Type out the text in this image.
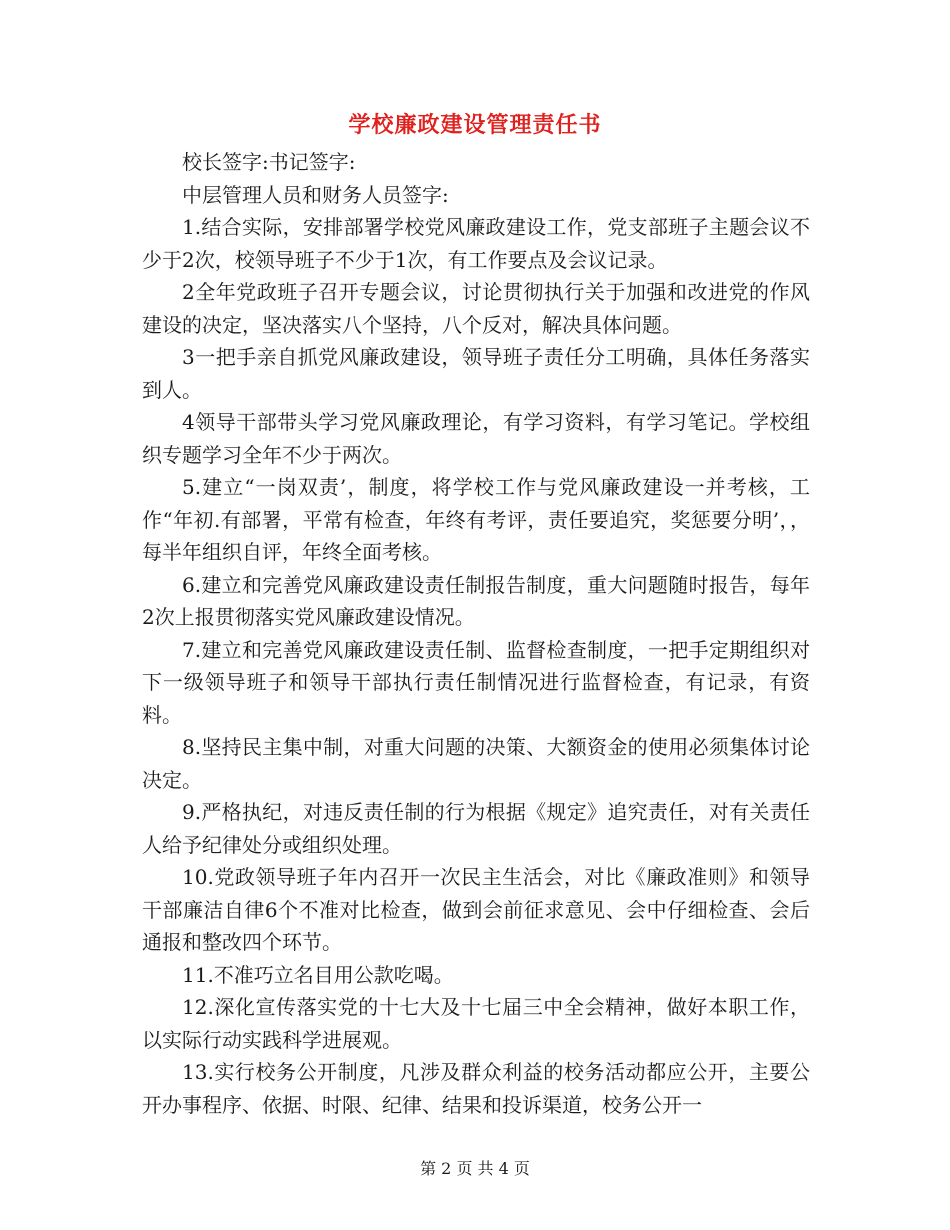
学校廉政建设管理责任书

校长签字:书记签字:

中层管理人员和财务人员签字:

1.结合实际，安排部署学校党风廉政建设工作，党支部班子主题会议不少于2次，校领导班子不少于1次，有工作要点及会议记录。

2全年党政班子召开专题会议，讨论贯彻执行关于加强和改进党的作风建设的决定，坚决落实八个坚持，八个反对，解决具体问题。

3一把手亲自抓党风廉政建设，领导班子责任分工明确，具体任务落实到人。

4领导干部带头学习党风廉政理论，有学习资料，有学习笔记。学校组织专题学习全年不少于两次。

5.建立“一岗双责’，制度，将学校工作与党风廉政建设一并考核，工作“年初.有部署，平常有检查，年终有考评，责任要追究，奖惩要分明’，，每半年组织自评，年终全面考核。

6.建立和完善党风廉政建设责任制报告制度，重大问题随时报告，每年2次上报贯彻落实党风廉政建设情况。

7.建立和完善党风廉政建设责任制、监督检查制度，一把手定期组织对下一级领导班子和领导干部执行责任制情况进行监督检查，有记录，有资料。

8.坚持民主集中制，对重大问题的决策、大额资金的使用必须集体讨论决定。

9.严格执纪，对违反责任制的行为根据《规定》追究责任，对有关责任人给予纪律处分或组织处理。

10.党政领导班子年内召开一次民主生活会，对比《廉政准则》和领导干部廉洁自律6个不准对比检查，做到会前征求意见、会中仔细检查、会后通报和整改四个环节。

11.不准巧立名目用公款吃喝。

12.深化宣传落实党的十七大及十七届三中全会精神，做好本职工作，以实际行动实践科学进展观。

13.实行校务公开制度，凡涉及群众利益的校务活动都应公开，主要公开办事程序、依据、时限、纪律、结果和投诉渠道，校务公开一

第 2 页 共 4 页
